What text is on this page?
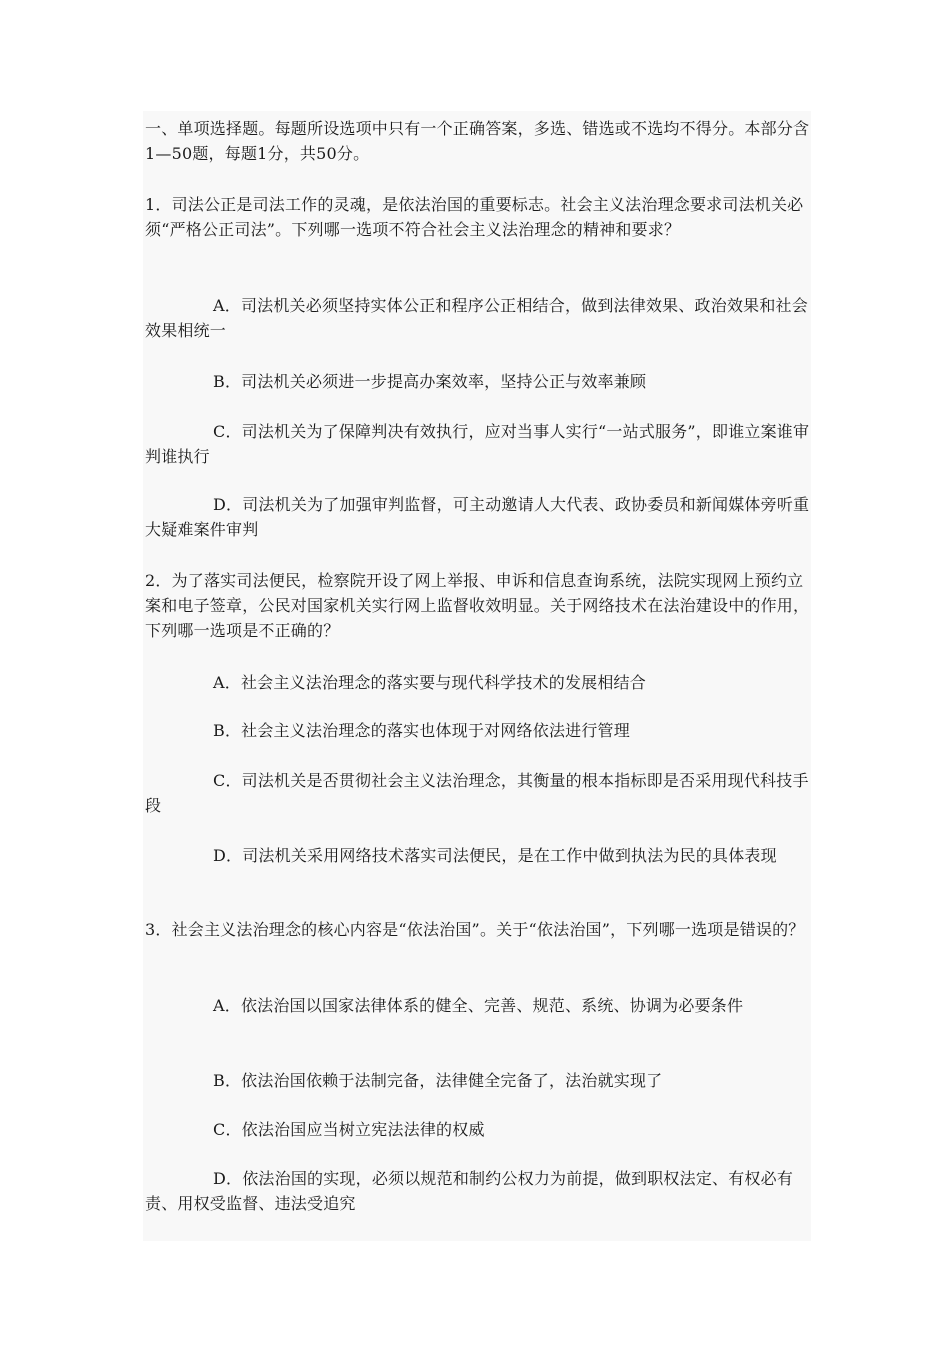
一、单项选择题。每题所设选项中只有一个正确答案，多选、错选或不选均不得分。本部分含1—50题，每题1分，共50分。

1．司法公正是司法工作的灵魂，是依法治国的重要标志。社会主义法治理念要求司法机关必须“严格公正司法”。下列哪一选项不符合社会主义法治理念的精神和要求？

A．司法机关必须坚持实体公正和程序公正相结合，做到法律效果、政治效果和社会效果相统一

B．司法机关必须进一步提高办案效率，坚持公正与效率兼顾

C．司法机关为了保障判决有效执行，应对当事人实行“一站式服务”，即谁立案谁审判谁执行

D．司法机关为了加强审判监督，可主动邀请人大代表、政协委员和新闻媒体旁听重大疑难案件审判

2．为了落实司法便民，检察院开设了网上举报、申诉和信息查询系统，法院实现网上预约立案和电子签章，公民对国家机关实行网上监督收效明显。关于网络技术在法治建设中的作用，下列哪一选项是不正确的？

A．社会主义法治理念的落实要与现代科学技术的发展相结合

B．社会主义法治理念的落实也体现于对网络依法进行管理

C．司法机关是否贯彻社会主义法治理念，其衡量的根本指标即是否采用现代科技手段

D．司法机关采用网络技术落实司法便民，是在工作中做到执法为民的具体表现

3．社会主义法治理念的核心内容是“依法治国”。关于“依法治国”，下列哪一选项是错误的？

A．依法治国以国家法律体系的健全、完善、规范、系统、协调为必要条件

B．依法治国依赖于法制完备，法律健全完备了，法治就实现了

C．依法治国应当树立宪法法律的权威

D．依法治国的实现，必须以规范和制约公权力为前提，做到职权法定、有权必有责、用权受监督、违法受追究
